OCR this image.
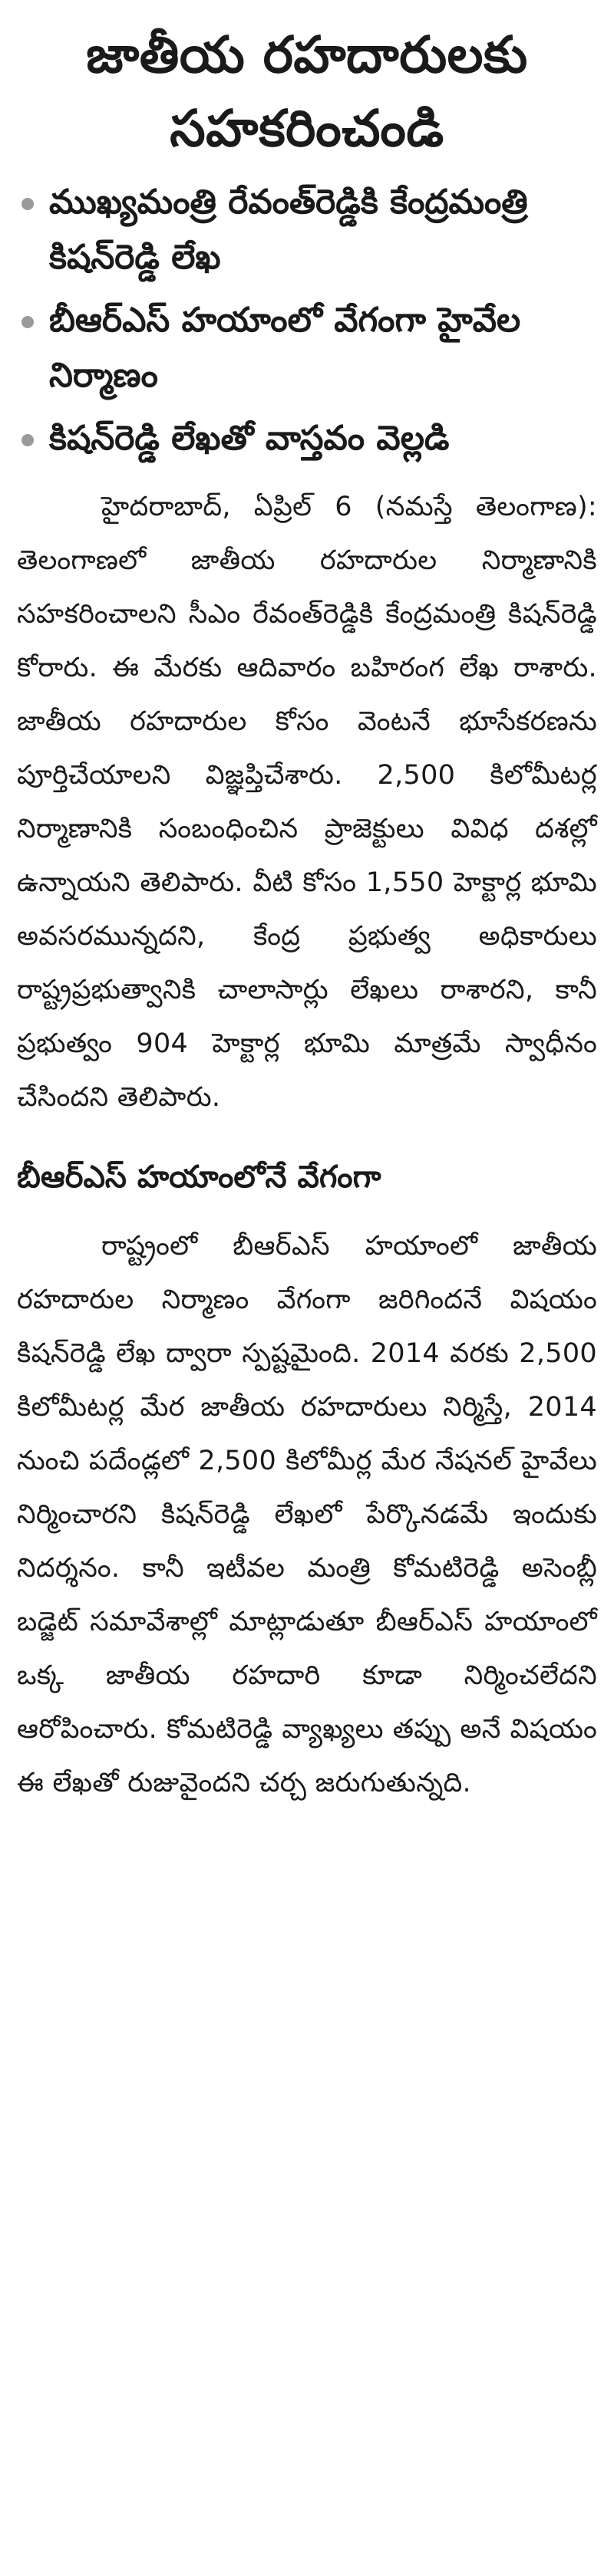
జాతీయ రహదారులకు సహకరించండి
ముఖ్యమంత్రి రేవంత్‌రెడ్డికి కేంద్రమంత్రి కిషన్‌రెడ్డి లేఖ
బీఆర్‌ఎస్ హయాంలో వేగంగా హైవేల నిర్మాణం
కిషన్‌రెడ్డి లేఖతో వాస్తవం వెల్లడి

హైదరాబాద్, ఏప్రిల్ 6 (నమస్తే తెలంగాణ): తెలంగాణలో జాతీయ రహదారుల నిర్మాణానికి సహకరించాలని సీఎం రేవంత్‌రెడ్డికి కేంద్రమంత్రి కిషన్‌రెడ్డి కోరారు. ఈ మేరకు ఆదివారం బహిరంగ లేఖ రాశారు. జాతీయ రహదారుల కోసం వెంటనే భూసేకరణను పూర్తిచేయాలని విజ్ఞప్తిచేశారు. 2,500 కిలోమీటర్ల నిర్మాణానికి సంబంధించిన ప్రాజెక్టులు వివిధ దశల్లో ఉన్నాయని తెలిపారు. వీటి కోసం 1,550 హెక్టార్ల భూమి అవసరమున్నదని, కేంద్ర ప్రభుత్వ అధికారులు రాష్ట్రప్రభుత్వానికి చాలాసార్లు లేఖలు రాశారని, కానీ ప్రభుత్వం 904 హెక్టార్ల భూమి మాత్రమే స్వాధీనం చేసిందని తెలిపారు.

బీఆర్‌ఎస్ హయాంలోనే వేగంగా

రాష్ట్రంలో బీఆర్‌ఎస్ హయాంలో జాతీయ రహదారుల నిర్మాణం వేగంగా జరిగిందనే విషయం కిషన్‌రెడ్డి లేఖ ద్వారా స్పష్టమైంది. 2014 వరకు 2,500 కిలోమీటర్ల మేర జాతీయ రహదారులు నిర్మిస్తే, 2014 నుంచి పదేండ్లలో 2,500 కిలోమీర్ల మేర నేషనల్ హైవేలు నిర్మించారని కిషన్‌రెడ్డి లేఖలో పేర్కొనడమే ఇందుకు నిదర్శనం. కానీ ఇటీవల మంత్రి కోమటిరెడ్డి అసెంబ్లీ బడ్జెట్ సమావేశాల్లో మాట్లాడుతూ బీఆర్‌ఎస్ హయాంలో ఒక్క జాతీయ రహదారి కూడా నిర్మించలేదని ఆరోపించారు. కోమటిరెడ్డి వ్యాఖ్యలు తప్పు అనే విషయం ఈ లేఖతో రుజువైందని చర్చ జరుగుతున్నది.
